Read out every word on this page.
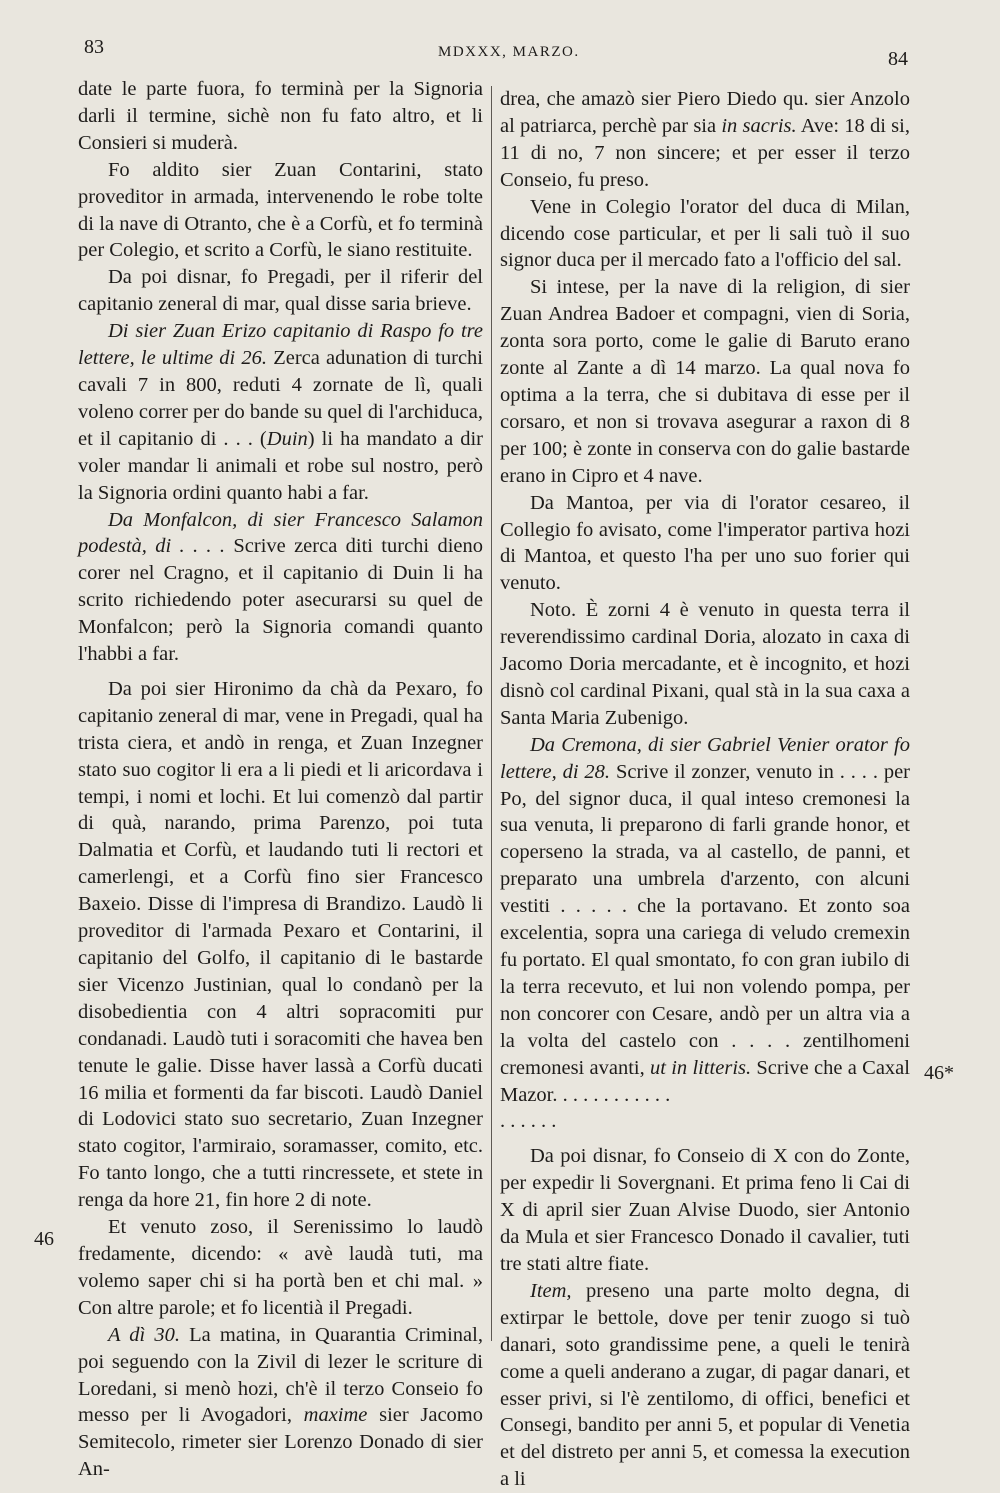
83	MDXXX, MARZO.	84
46
46*

date le parte fuora, fo terminà per la Signoria darli il termine, sichè non fu fato altro, et li Consieri si muderà.

Fo aldito sier Zuan Contarini, stato proveditor in armada, intervenendo le robe tolte di la nave di Otranto, che è a Corfù, et fo terminà per Colegio, et scrito a Corfù, le siano restituite.

Da poi disnar, fo Pregadi, per il riferir del capitanio zeneral di mar, qual disse saria brieve.

Di sier Zuan Erizo capitanio di Raspo fo tre lettere, le ultime di 26. Zerca adunation di turchi cavali 7 in 800, reduti 4 zornate de lì, quali voleno correr per do bande su quel di l'archiduca, et il capitanio di . . . (Duin) li ha mandato a dir voler mandar li animali et robe sul nostro, però la Signoria ordini quanto habi a far.

Da Monfalcon, di sier Francesco Salamon podestà, di . . . . Scrive zerca diti turchi dieno corer nel Cragno, et il capitanio di Duin li ha scrito richiedendo poter asecurarsi su quel de Monfalcon; però la Signoria comandi quanto l'habbi a far.

Da poi sier Hironimo da chà da Pexaro, fo capitanio zeneral di mar, vene in Pregadi, qual ha trista ciera, et andò in renga, et Zuan Inzegner stato suo cogitor li era a li piedi et li aricordava i tempi, i nomi et lochi. Et lui comenzò dal partir di quà, narando, prima Parenzo, poi tuta Dalmatia et Corfù, et laudando tuti li rectori et camerlengi, et a Corfù fino sier Francesco Baxeio. Disse di l'impresa di Brandizo. Laudò li proveditor di l'armada Pexaro et Contarini, il capitanio del Golfo, il capitanio di le bastarde sier Vicenzo Justinian, qual lo condanò per la disobedientia con 4 altri sopracomiti pur condanadi. Laudò tuti i soracomiti che havea ben tenute le galie. Disse haver lassà a Corfù ducati 16 milia et formenti da far biscoti. Laudò Daniel di Lodovici stato suo secretario, Zuan Inzegner stato cogitor, l'armiraio, soramasser, comito, etc. Fo tanto longo, che a tutti rincressete, et stete in renga da hore 21, fin hore 2 di note.

Et venuto zoso, il Serenissimo lo laudò fredamente, dicendo: « avè laudà tuti, ma volemo saper chi si ha portà ben et chi mal. » Con altre parole; et fo licentià il Pregadi.

A dì 30. La matina, in Quarantia Criminal, poi seguendo con la Zivil di lezer le scriture di Loredani, si menò hozi, ch'è il terzo Conseio fo messo per li Avogadori, maxime sier Jacomo Semitecolo, rimeter sier Lorenzo Donado di sier An-

drea, che amazò sier Piero Diedo qu. sier Anzolo al patriarca, perchè par sia in sacris. Ave: 18 di si, 11 di no, 7 non sincere; et per esser il terzo Conseio, fu preso.

Vene in Colegio l'orator del duca di Milan, dicendo cose particular, et per li sali tuò il suo signor duca per il mercado fato a l'officio del sal.

Si intese, per la nave di la religion, di sier Zuan Andrea Badoer et compagni, vien di Soria, zonta sora porto, come le galie di Baruto erano zonte al Zante a dì 14 marzo. La qual nova fo optima a la terra, che si dubitava di esse per il corsaro, et non si trovava asegurar a raxon di 8 per 100; è zonte in conserva con do galie bastarde erano in Cipro et 4 nave.

Da Mantoa, per via di l'orator cesareo, il Collegio fo avisato, come l'imperator partiva hozi di Mantoa, et questo l'ha per uno suo forier qui venuto.

Noto. È zorni 4 è venuto in questa terra il reverendissimo cardinal Doria, alozato in caxa di Jacomo Doria mercadante, et è incognito, et hozi disnò col cardinal Pixani, qual stà in la sua caxa a Santa Maria Zubenigo.

Da Cremona, di sier Gabriel Venier orator fo lettere, di 28. Scrive il zonzer, venuto in . . . . per Po, del signor duca, il qual inteso cremonesi la sua venuta, li preparono di farli grande honor, et coperseno la strada, va al castello, de panni, et preparato una umbrela d'arzento, con alcuni vestiti . . . . . che la portavano. Et zonto soa excelentia, sopra una cariega di veludo cremexin fu portato. El qual smontato, fo con gran iubilo di la terra recevuto, et lui non volendo pompa, per non concorer con Cesare, andò per un altra via a la volta del castelo con . . . . zentilhomeni cremonesi avanti, ut in litteris. Scrive che a Caxal Mazor. . . . . . . . . . . .

. . . . . .

Da poi disnar, fo Conseio di X con do Zonte, per expedir li Sovergnani. Et prima feno li Cai di X di april sier Zuan Alvise Duodo, sier Antonio da Mula et sier Francesco Donado il cavalier, tuti tre stati altre fiate.

Item, preseno una parte molto degna, di extirpar le bettole, dove per tenir zuogo si tuò danari, soto grandissime pene, a queli le tenirà come a queli anderano a zugar, di pagar danari, et esser privi, si l'è zentilomo, di offici, benefici et Consegi, bandito per anni 5, et popular di Venetia et del distreto per anni 5, et comessa la execution a li
